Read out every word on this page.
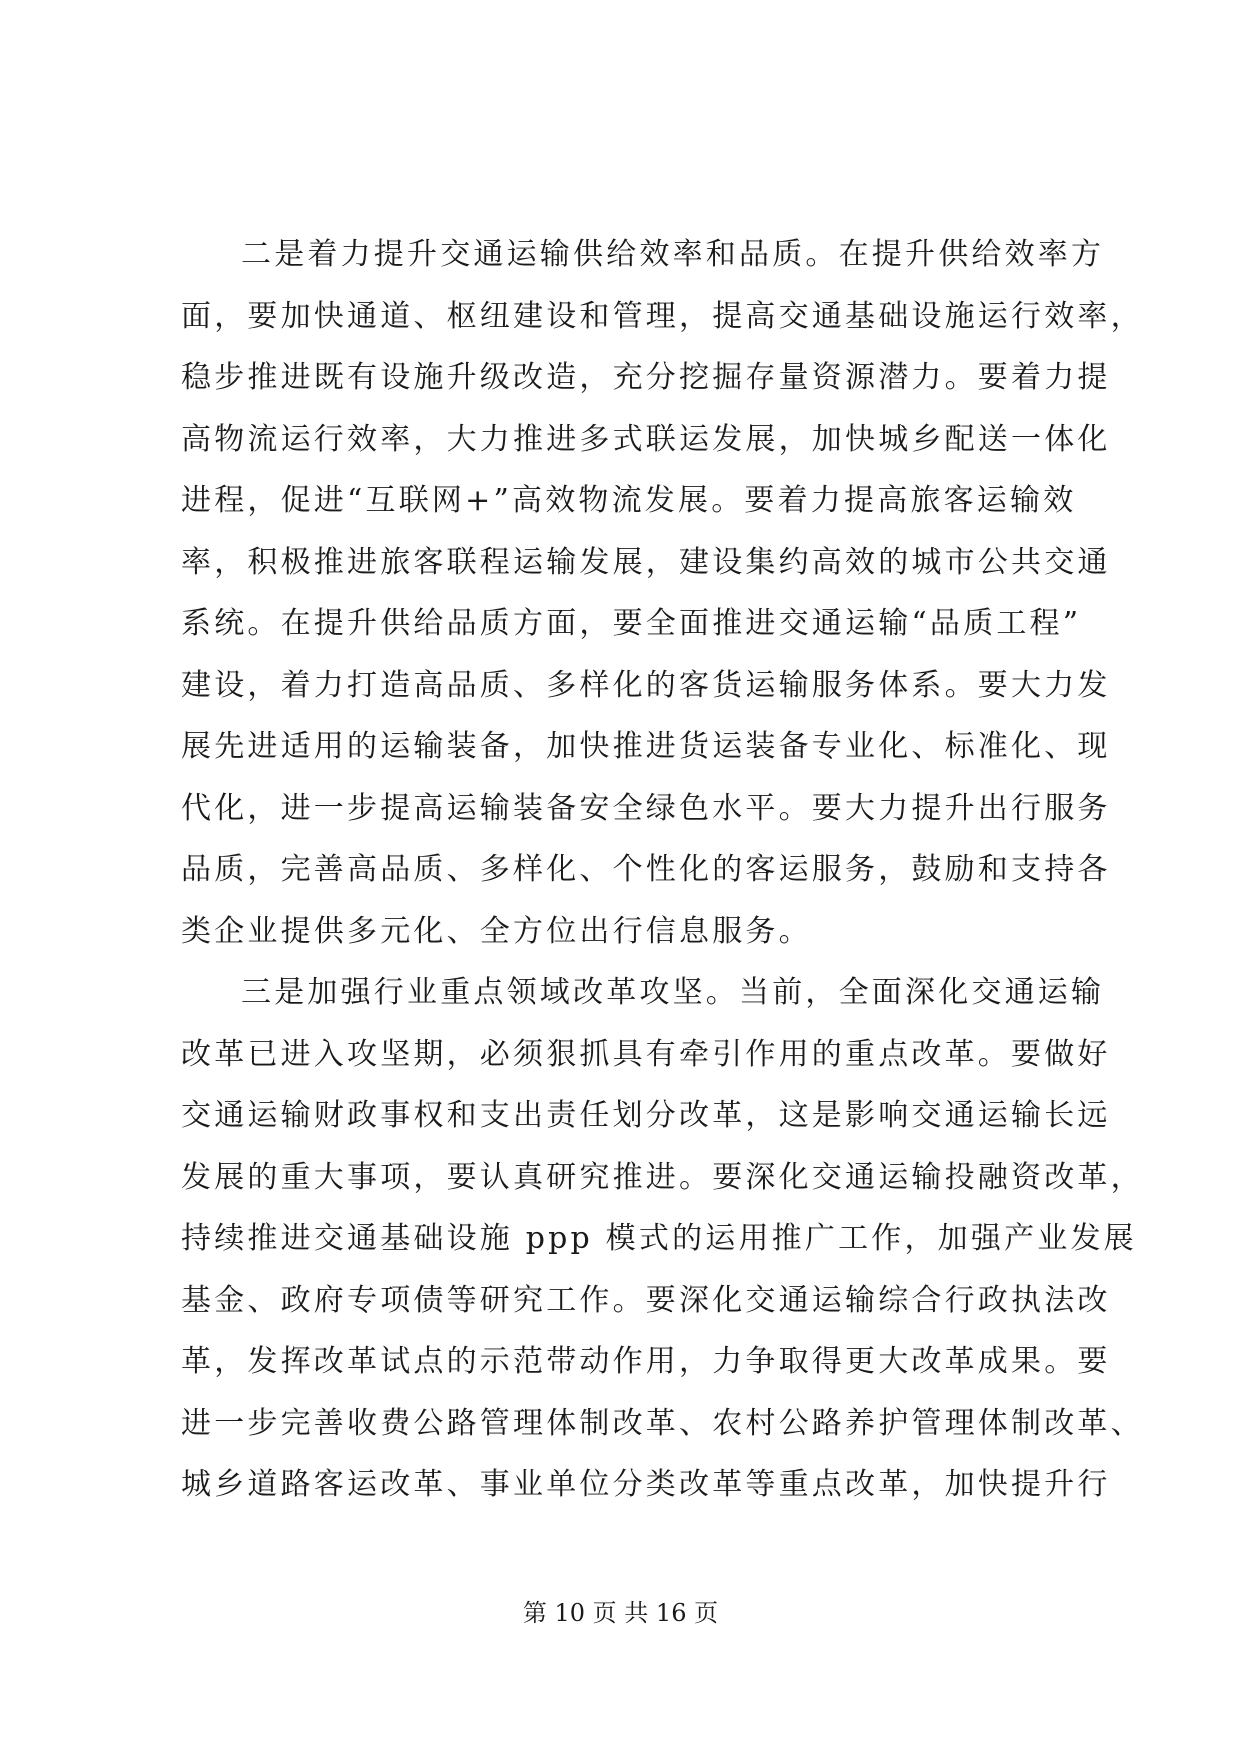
二是着力提升交通运输供给效率和品质。在提升供给效率方
面，要加快通道、枢纽建设和管理，提高交通基础设施运行效率，
稳步推进既有设施升级改造，充分挖掘存量资源潜力。要着力提
高物流运行效率，大力推进多式联运发展，加快城乡配送一体化
进程，促进“互联网+”高效物流发展。要着力提高旅客运输效
率，积极推进旅客联程运输发展，建设集约高效的城市公共交通
系统。在提升供给品质方面，要全面推进交通运输“品质工程”
建设，着力打造高品质、多样化的客货运输服务体系。要大力发
展先进适用的运输装备，加快推进货运装备专业化、标准化、现
代化，进一步提高运输装备安全绿色水平。要大力提升出行服务
品质，完善高品质、多样化、个性化的客运服务，鼓励和支持各
类企业提供多元化、全方位出行信息服务。
三是加强行业重点领域改革攻坚。当前，全面深化交通运输
改革已进入攻坚期，必须狠抓具有牵引作用的重点改革。要做好
交通运输财政事权和支出责任划分改革，这是影响交通运输长远
发展的重大事项，要认真研究推进。要深化交通运输投融资改革，
持续推进交通基础设施 ppp 模式的运用推广工作，加强产业发展
基金、政府专项债等研究工作。要深化交通运输综合行政执法改
革，发挥改革试点的示范带动作用，力争取得更大改革成果。要
进一步完善收费公路管理体制改革、农村公路养护管理体制改革、
城乡道路客运改革、事业单位分类改革等重点改革，加快提升行
第 10 页 共 16 页
